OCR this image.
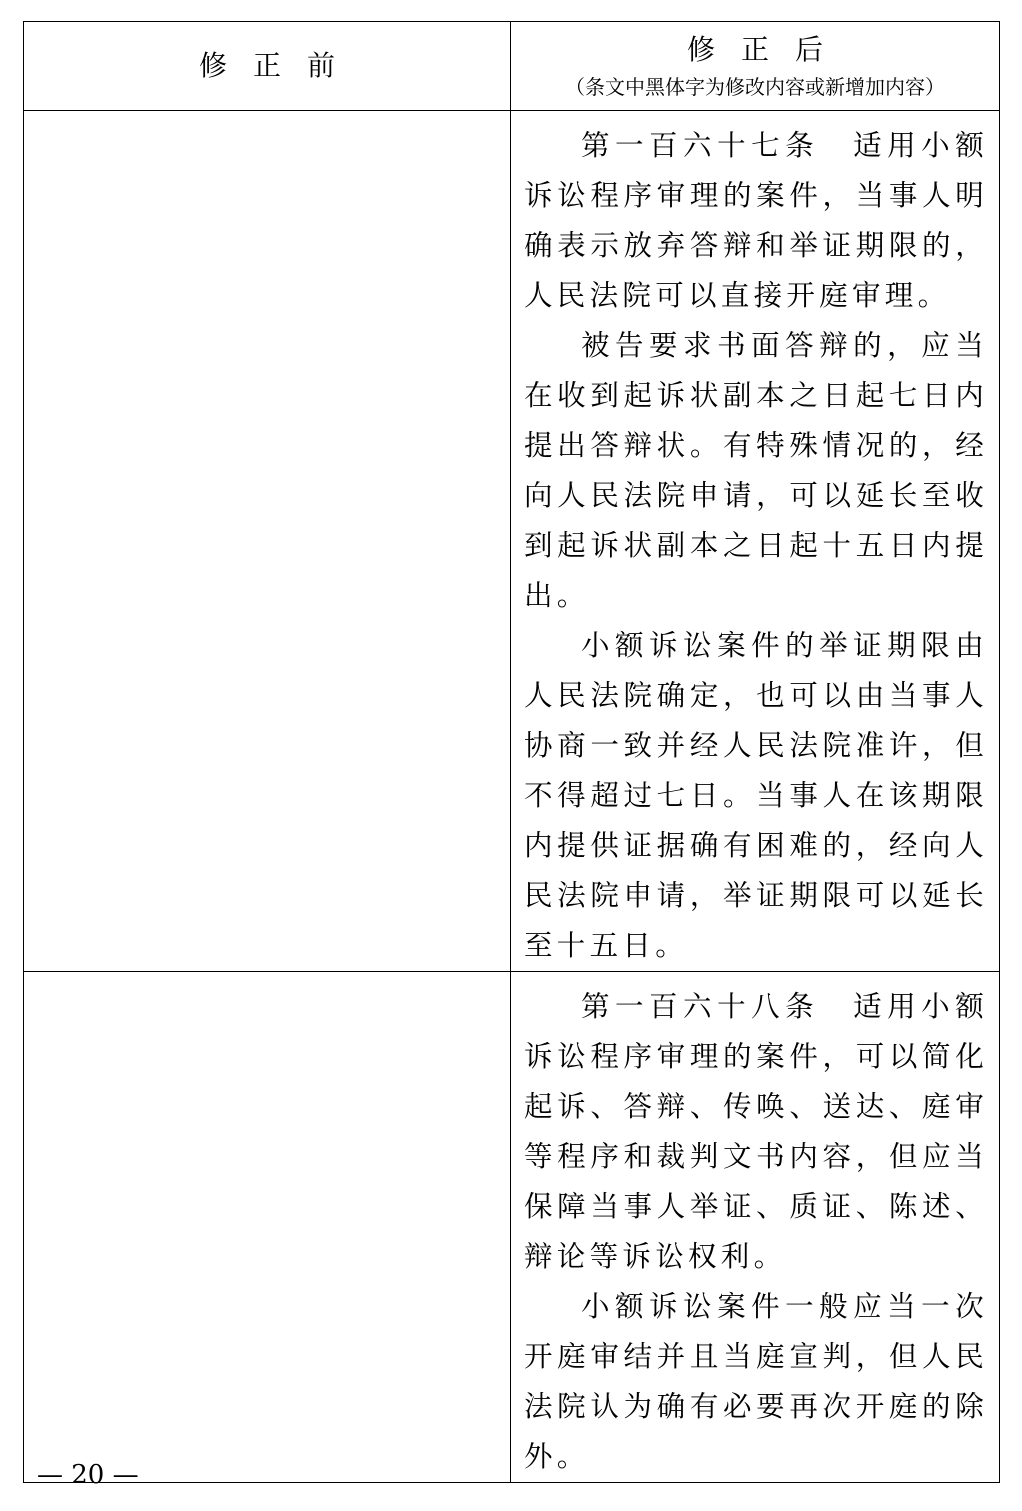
修正前	修正后
（条文中黑体字为修改内容或新增加内容）

	第一百六十七条　适用小额诉讼程序审理的案件，当事人明确表示放弃答辩和举证期限的，人民法院可以直接开庭审理。

被告要求书面答辩的，应当在收到起诉状副本之日起七日内提出答辩状。有特殊情况的，经向人民法院申请，可以延长至收到起诉状副本之日起十五日内提出。

小额诉讼案件的举证期限由人民法院确定，也可以由当事人协商一致并经人民法院准许，但不得超过七日。当事人在该期限内提供证据确有困难的，经向人民法院申请，举证期限可以延长至十五日。

	第一百六十八条　适用小额诉讼程序审理的案件，可以简化起诉、答辩、传唤、送达、庭审等程序和裁判文书内容，但应当保障当事人举证、质证、陈述、辩论等诉讼权利。

小额诉讼案件一般应当一次开庭审结并且当庭宣判，但人民法院认为确有必要再次开庭的除外。

— 20 —
